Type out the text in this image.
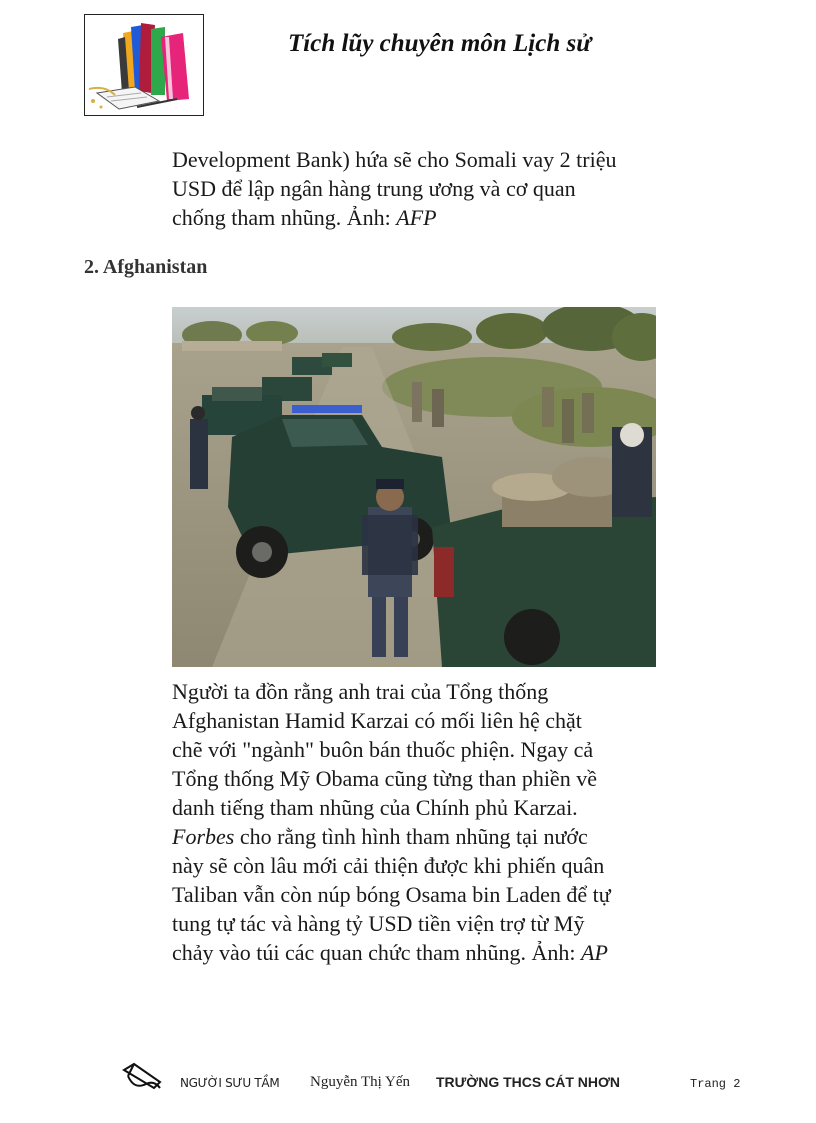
Tích lũy chuyên môn Lịch sử
Development Bank) hứa sẽ cho Somali vay 2 triệu
USD để lập ngân hàng trung ương và cơ quan
chống tham nhũng. Ảnh: AFP
2. Afghanistan
Người ta đồn rằng anh trai của Tổng thống
Afghanistan Hamid Karzai có mối liên hệ chặt
chẽ với "ngành" buôn bán thuốc phiện. Ngay cả
Tổng thống Mỹ Obama cũng từng than phiền về
danh tiếng tham nhũng của Chính phủ Karzai.
Forbes cho rằng tình hình tham nhũng tại nước
này sẽ còn lâu mới cải thiện được khi phiến quân
Taliban vẫn còn núp bóng Osama bin Laden để tự
tung tự tác và hàng tỷ USD tiền viện trợ từ Mỹ
chảy vào túi các quan chức tham nhũng. Ảnh: AP
NGƯỜI SƯU TẦM Nguyễn Thị Yến TRƯỜNG THCS CÁT NHƠN	Trang 2
